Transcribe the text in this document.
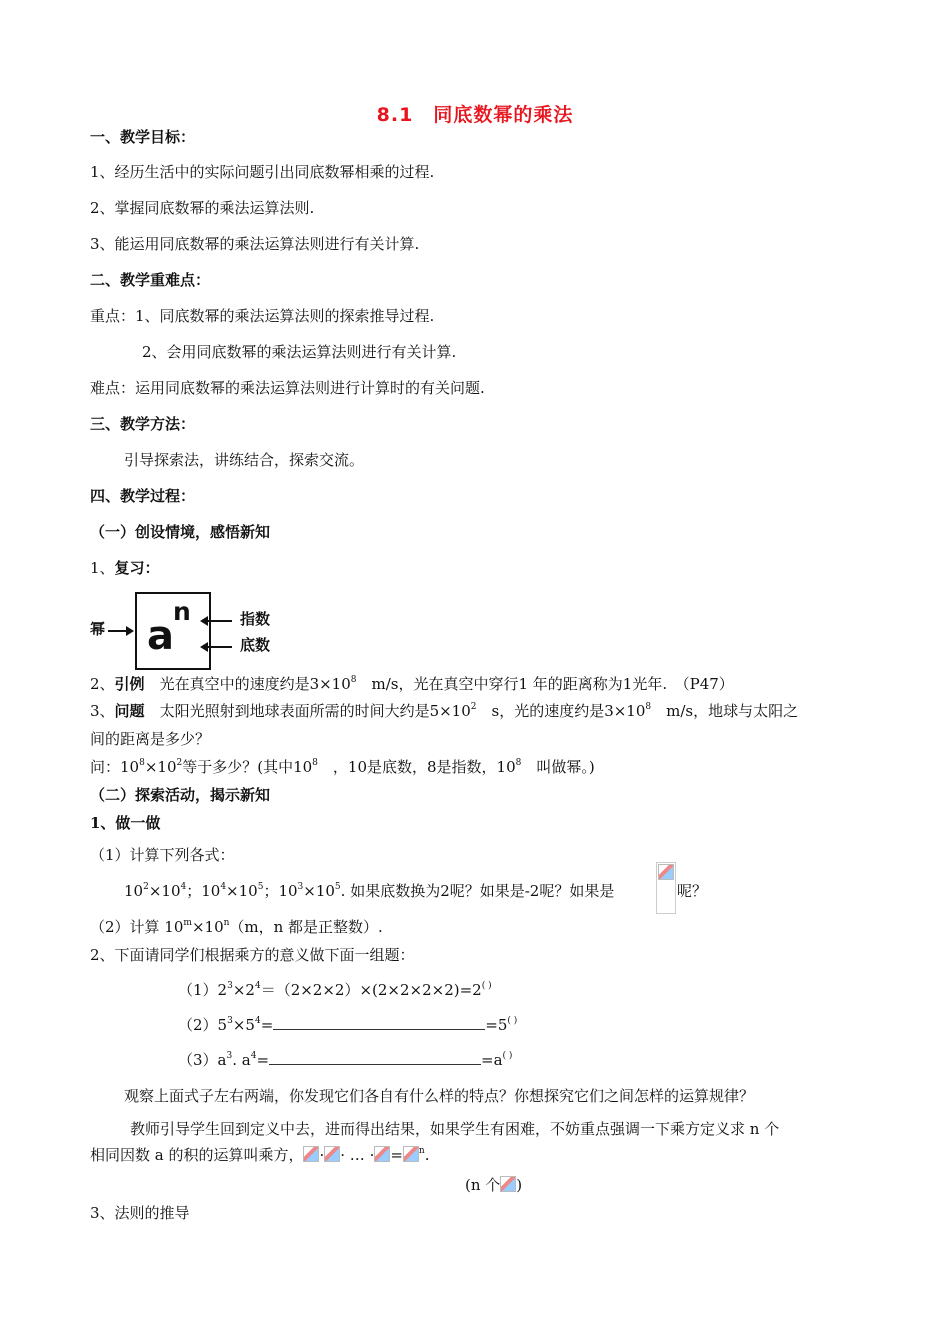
8.1　同底数幂的乘法
一、教学目标：
1、经历生活中的实际问题引出同底数幂相乘的过程.
2、掌握同底数幂的乘法运算法则.
3、能运用同底数幂的乘法运算法则进行有关计算.
二、教学重难点：
重点：1、同底数幂的乘法运算法则的探索推导过程.
2、会用同底数幂的乘法运算法则进行有关计算.
难点：运用同底数幂的乘法运算法则进行计算时的有关问题.
三、教学方法：
引导探索法，讲练结合，探索交流。
四、教学过程：
（一）创设情境，感悟新知
1、复习：
幂 a
n	指数
底数
2、引例　光在真空中的速度约是$3\times 10^8$　m/s，光在真空中穿行1 年的距离称为1光年.　（P47）
3、问题　太阳光照射到地球表面所需的时间大约是$5\times 10^2$　s，光的速度约是$3\times 10^8$　m/s，地球与太阳之
间的距离是多少？
问：$10^8\times 10^2$等于多少？(其中$10^8$　，10是底数，8是指数，$10^8$　叫做幂。)
（二）探索活动，揭示新知
1、做一做
（1）计算下列各式：
$10^2\times 10^4$；$10^4\times 10^5$；$10^3\times 10^5$. 如果底数换为2呢？如果是-2呢？如果是	呢？
（2）计算 $10^m\times 10^n(m$，n 都是正整数）.
2、下面请同学们根据乘方的意义做下面一组题：
$(1)2^3\times 2^4=(2\times 2\times 2)\times(2\times 2\times 2\times 2)=2^{( )}$
$(2)5^3\times 5^4=$	=5( )
$(3)a^3$. $a^4=$	=a( )
观察上面式子左右两端，你发现它们各自有什么样的特点？你想探究它们之间怎样的运算规律？
教师引导学生回到定义中去，进而得出结果，如果学生有困难，不妨重点强调一下乘方定义求 n 个
相同因数 a 的积的运算叫乘方， · · … · = $^n$.
(n 个 )
3、法则的推导
